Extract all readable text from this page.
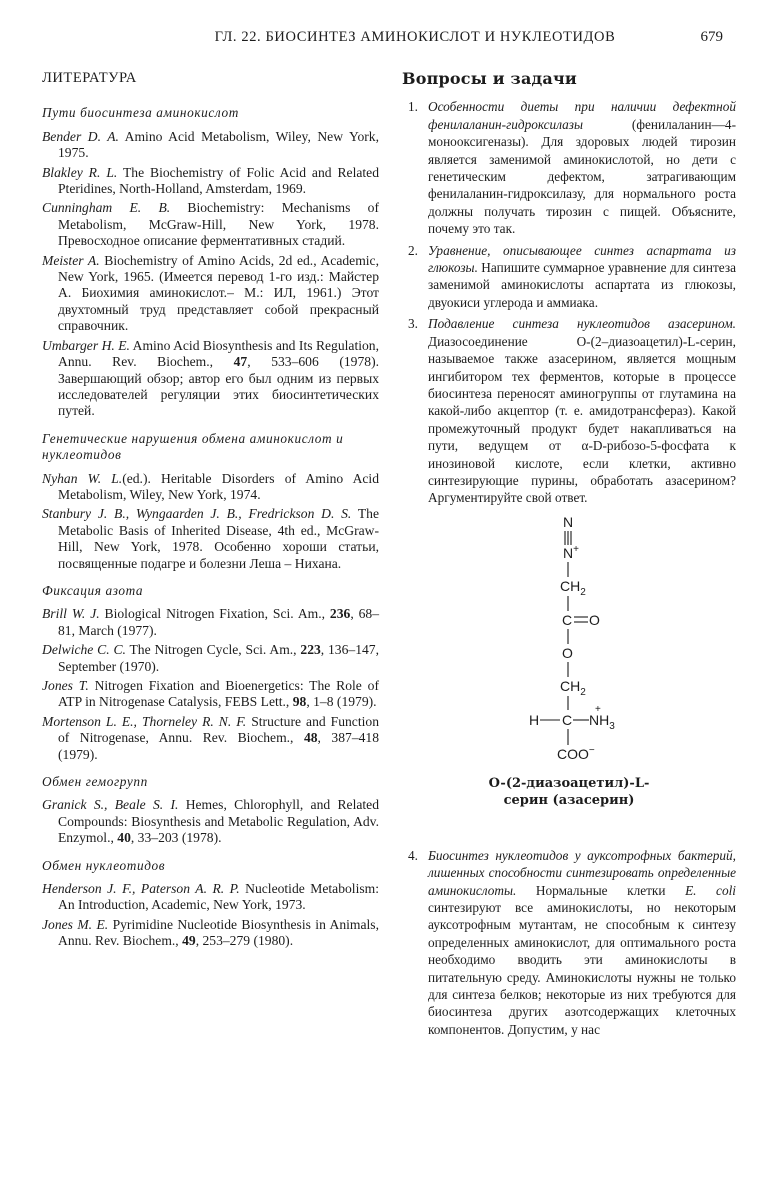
ГЛ. 22. БИОСИНТЕЗ АМИНОКИСЛОТ И НУКЛЕОТИДОВ	679
ЛИТЕРАТУРА
Пути биосинтеза аминокислот

Bender D. A. Amino Acid Metabolism, Wiley, New York, 1975.

Blakley R. L. The Biochemistry of Folic Acid and Related Pteridines, North-Holland, Amsterdam, 1969.

Cunningham E. B. Biochemistry: Mechanisms of Metabolism, McGraw-Hill, New York, 1978. Превосходное описание ферментативных стадий.

Meister A. Biochemistry of Amino Acids, 2d ed., Academic, New York, 1965. (Имеется перевод 1-го изд.: Майстер А. Биохимия аминокислот.– М.: ИЛ, 1961.) Этот двухтомный труд представляет собой прекрасный справочник.

Umbarger H. E. Amino Acid Biosynthesis and Its Regulation, Annu. Rev. Biochem., 47, 533–606 (1978). Завершающий обзор; автор его был одним из первых исследователей регуляции этих биосинтетических путей.

Генетические нарушения обмена аминокислот и нуклеотидов

Nyhan W. L.(ed.). Heritable Disorders of Amino Acid Metabolism, Wiley, New York, 1974.

Stanbury J. B., Wyngaarden J. B., Fredrickson D. S. The Metabolic Basis of Inherited Disease, 4th ed., McGraw-Hill, New York, 1978. Особенно хороши статьи, посвященные подагре и болезни Леша – Нихана.

Фиксация азота

Brill W. J. Biological Nitrogen Fixation, Sci. Am., 236, 68–81, March (1977).

Delwiche C. C. The Nitrogen Cycle, Sci. Am., 223, 136–147, September (1970).

Jones T. Nitrogen Fixation and Bioenergetics: The Role of ATP in Nitrogenase Catalysis, FEBS Lett., 98, 1–8 (1979).

Mortenson L. E., Thorneley R. N. F. Structure and Function of Nitrogenase, Annu. Rev. Biochem., 48, 387–418 (1979).

Обмен гемогрупп

Granick S., Beale S. I. Hemes, Chlorophyll, and Related Compounds: Biosynthesis and Metabolic Regulation, Adv. Enzymol., 40, 33–203 (1978).

Обмен нуклеотидов

Henderson J. F., Paterson A. R. P. Nucleotide Metabolism: An Introduction, Academic, New York, 1973.

Jones M. E. Pyrimidine Nucleotide Biosynthesis in Animals, Annu. Rev. Biochem., 49, 253–279 (1980).

Вопросы и задачи
1. Особенности диеты при наличии дефектной фенилаланин-гидроксилазы (фенилаланин—4-монооксигеназы). Для здоровых людей тирозин является заменимой аминокислотой, но дети с генетическим дефектом, затрагивающим фенилаланин-гидроксилазу, для нормального роста должны получать тирозин с пищей. Объясните, почему это так.
2. Уравнение, описывающее синтез аспартата из глюкозы. Напишите суммарное уравнение для синтеза заменимой аминокислоты аспартата из глюкозы, двуокиси углерода и аммиака.
3. Подавление синтеза нуклеотидов азасерином. Диазосоединение O-(2–диазоацетил)-L-серин, называемое также азасерином, является мощным ингибитором тех ферментов, которые в процессе биосинтеза переносят аминогруппы от глутамина на какой-либо акцептор (т. е. амидотрансферaз). Какой промежуточный продукт будет накапливаться на пути, ведущем от α-D-рибозо-5-фосфата к инозиновой кислоте, если клетки, активно синтезирующие пурины, обработать азасерином? Аргументируйте свой ответ.
N
N+
$CH_2$
C O
O
$CH_2$
H C $NH_3$
+
COO−
O-(2-диазоацетил)-L-
серин (азасерин)
4. Биосинтез нуклеотидов у ауксотрофных бактерий, лишенных способности синтезировать определенные аминокислоты. Нормальные клетки E. coli синтезируют все аминокислоты, но некоторым ауксотрофным мутантам, не способным к синтезу определенных аминокислот, для оптимального роста необходимо вводить эти аминокислоты в питательную среду. Аминокислоты нужны не только для синтеза белков; некоторые из них требуются для биосинтеза других азотсодержащих клеточных компонентов. Допустим, у нас
